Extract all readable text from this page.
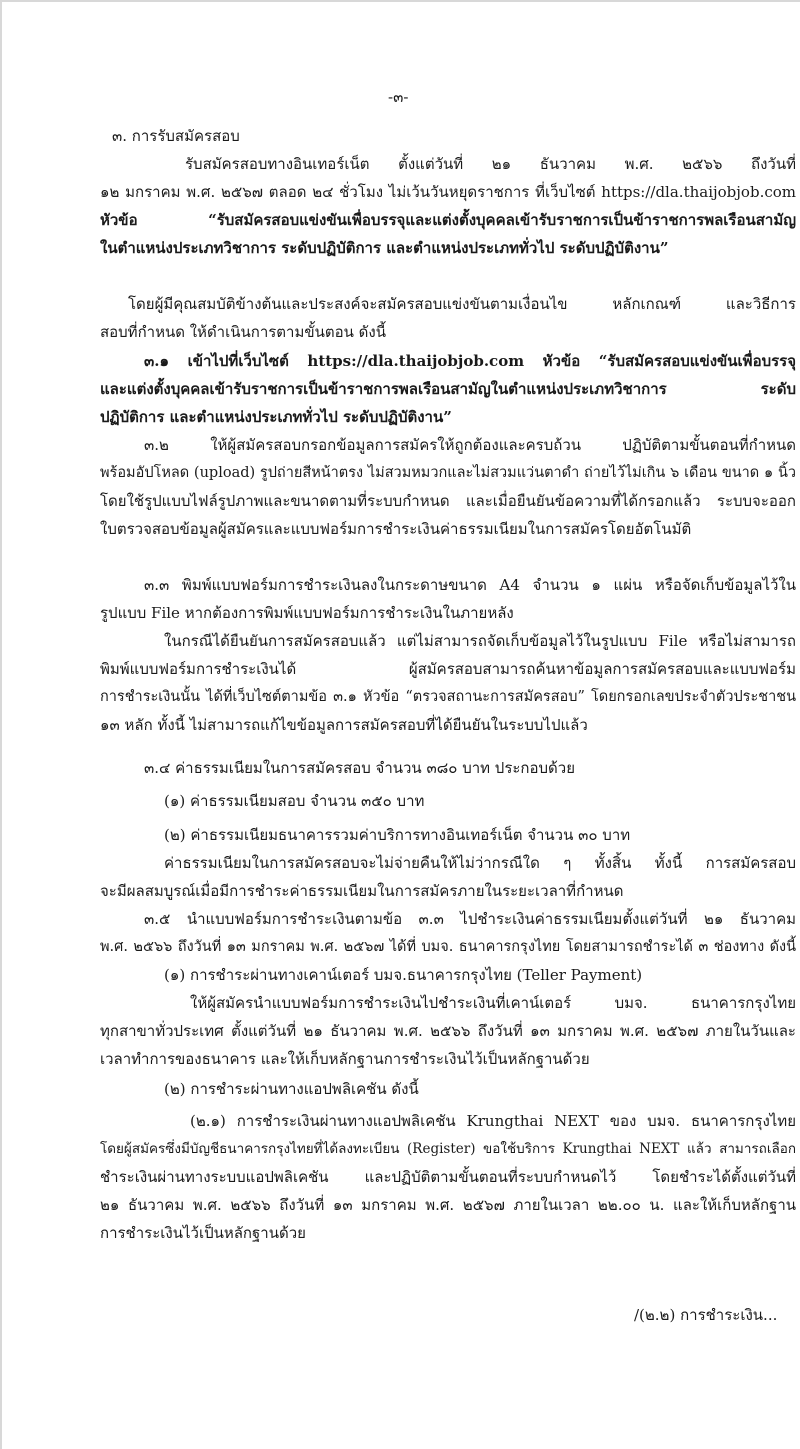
-๓-
๓. การรับสมัครสอบ
รับสมัครสอบทางอินเทอร์เน็ต ตั้งแต่วันที่ ๒๑ ธันวาคม พ.ศ. ๒๕๖๖ ถึงวันที่
๑๒ มกราคม พ.ศ. ๒๕๖๗ ตลอด ๒๔ ชั่วโมง ไม่เว้นวันหยุดราชการ ที่เว็บไซต์ https://dla.thaijobjob.com
หัวข้อ “รับสมัครสอบแข่งขันเพื่อบรรจุและแต่งตั้งบุคคลเข้ารับราชการเป็นข้าราชการพลเรือนสามัญ
ในตำแหน่งประเภทวิชาการ ระดับปฏิบัติการ และตำแหน่งประเภททั่วไป ระดับปฏิบัติงาน”
โดยผู้มีคุณสมบัติข้างต้นและประสงค์จะสมัครสอบแข่งขันตามเงื่อนไข หลักเกณฑ์ และวิธีการ
สอบที่กำหนด ให้ดำเนินการตามขั้นตอน ดังนี้
๓.๑ เข้าไปที่เว็บไซต์ https://dla.thaijobjob.com หัวข้อ “รับสมัครสอบแข่งขันเพื่อบรรจุ
และแต่งตั้งบุคคลเข้ารับราชการเป็นข้าราชการพลเรือนสามัญในตำแหน่งประเภทวิชาการ ระดับ
ปฏิบัติการ และตำแหน่งประเภททั่วไป ระดับปฏิบัติงาน”
๓.๒ ให้ผู้สมัครสอบกรอกข้อมูลการสมัครให้ถูกต้องและครบถ้วน ปฏิบัติตามขั้นตอนที่กำหนด
พร้อมอัปโหลด (upload) รูปถ่ายสีหน้าตรง ไม่สวมหมวกและไม่สวมแว่นตาดำ ถ่ายไว้ไม่เกิน ๖ เดือน ขนาด ๑ นิ้ว
โดยใช้รูปแบบไฟล์รูปภาพและขนาดตามที่ระบบกำหนด และเมื่อยืนยันข้อความที่ได้กรอกแล้ว ระบบจะออก
ใบตรวจสอบข้อมูลผู้สมัครและแบบฟอร์มการชำระเงินค่าธรรมเนียมในการสมัครโดยอัตโนมัติ
๓.๓ พิมพ์แบบฟอร์มการชำระเงินลงในกระดาษขนาด A4 จำนวน ๑ แผ่น หรือจัดเก็บข้อมูลไว้ใน
รูปแบบ File หากต้องการพิมพ์แบบฟอร์มการชำระเงินในภายหลัง
ในกรณีได้ยืนยันการสมัครสอบแล้ว แต่ไม่สามารถจัดเก็บข้อมูลไว้ในรูปแบบ File หรือไม่สามารถ
พิมพ์แบบฟอร์มการชำระเงินได้ ผู้สมัครสอบสามารถค้นหาข้อมูลการสมัครสอบและแบบฟอร์ม
การชำระเงินนั้น ได้ที่เว็บไซต์ตามข้อ ๓.๑ หัวข้อ “ตรวจสถานะการสมัครสอบ” โดยกรอกเลขประจำตัวประชาชน
๑๓ หลัก ทั้งนี้ ไม่สามารถแก้ไขข้อมูลการสมัครสอบที่ได้ยืนยันในระบบไปแล้ว
๓.๔ ค่าธรรมเนียมในการสมัครสอบ จำนวน ๓๘๐ บาท ประกอบด้วย
(๑) ค่าธรรมเนียมสอบ จำนวน ๓๕๐ บาท
(๒) ค่าธรรมเนียมธนาคารรวมค่าบริการทางอินเทอร์เน็ต จำนวน ๓๐ บาท
ค่าธรรมเนียมในการสมัครสอบจะไม่จ่ายคืนให้ไม่ว่ากรณีใด ๆ ทั้งสิ้น ทั้งนี้ การสมัครสอบ
จะมีผลสมบูรณ์เมื่อมีการชำระค่าธรรมเนียมในการสมัครภายในระยะเวลาที่กำหนด
๓.๕ นำแบบฟอร์มการชำระเงินตามข้อ ๓.๓ ไปชำระเงินค่าธรรมเนียมตั้งแต่วันที่ ๒๑ ธันวาคม
พ.ศ. ๒๕๖๖ ถึงวันที่ ๑๓ มกราคม พ.ศ. ๒๕๖๗ ได้ที่ บมจ. ธนาคารกรุงไทย โดยสามารถชำระได้ ๓ ช่องทาง ดังนี้
(๑) การชำระผ่านทางเคาน์เตอร์ บมจ.ธนาคารกรุงไทย (Teller Payment)
ให้ผู้สมัครนำแบบฟอร์มการชำระเงินไปชำระเงินที่เคาน์เตอร์ บมจ. ธนาคารกรุงไทย
ทุกสาขาทั่วประเทศ ตั้งแต่วันที่ ๒๑ ธันวาคม พ.ศ. ๒๕๖๖ ถึงวันที่ ๑๓ มกราคม พ.ศ. ๒๕๖๗ ภายในวันและ
เวลาทำการของธนาคาร และให้เก็บหลักฐานการชำระเงินไว้เป็นหลักฐานด้วย
(๒) การชำระผ่านทางแอปพลิเคชัน ดังนี้
(๒.๑) การชำระเงินผ่านทางแอปพลิเคชัน Krungthai NEXT ของ บมจ. ธนาคารกรุงไทย
โดยผู้สมัครซึ่งมีบัญชีธนาคารกรุงไทยที่ได้ลงทะเบียน (Register) ขอใช้บริการ Krungthai NEXT แล้ว สามารถเลือก
ชำระเงินผ่านทางระบบแอปพลิเคชัน และปฏิบัติตามขั้นตอนที่ระบบกำหนดไว้ โดยชำระได้ตั้งแต่วันที่
๒๑ ธันวาคม พ.ศ. ๒๕๖๖ ถึงวันที่ ๑๓ มกราคม พ.ศ. ๒๕๖๗ ภายในเวลา ๒๒.๐๐ น. และให้เก็บหลักฐาน
การชำระเงินไว้เป็นหลักฐานด้วย
/(๒.๒) การชำระเงิน...
